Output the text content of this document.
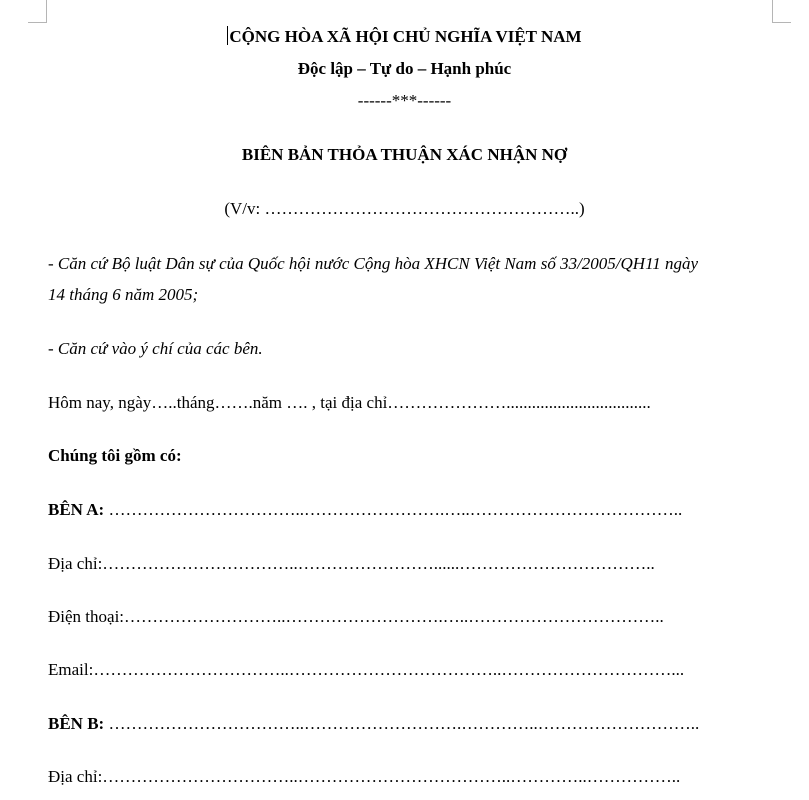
CỘNG HÒA XÃ HỘI CHỦ NGHĨA VIỆT NAM
Độc lập – Tự do – Hạnh phúc
------***------
BIÊN BẢN THỎA THUẬN XÁC NHẬN NỢ
(V/v: ………………………………………………..)
- Căn cứ Bộ luật Dân sự của Quốc hội nước Cộng hòa XHCN Việt Nam số 33/2005/QH11 ngày
14 tháng 6 năm 2005;
- Căn cứ vào ý chí của các bên.
Hôm nay, ngày…..tháng…….năm …. , tại địa chỉ…………………..................................
Chúng tôi gồm có:
BÊN A: ……………………………..…………………….…..………………………………..
Địa chỉ:……………………………..……………………......……………………………..
Điện thoại:………………………..……………………….…..……………………………..
Email:……………………………..………………………………..…………………………...
BÊN B: ……………………………..……………………….…………..………………………..
Địa chỉ:……………………………..………………………………..…………..……………..
